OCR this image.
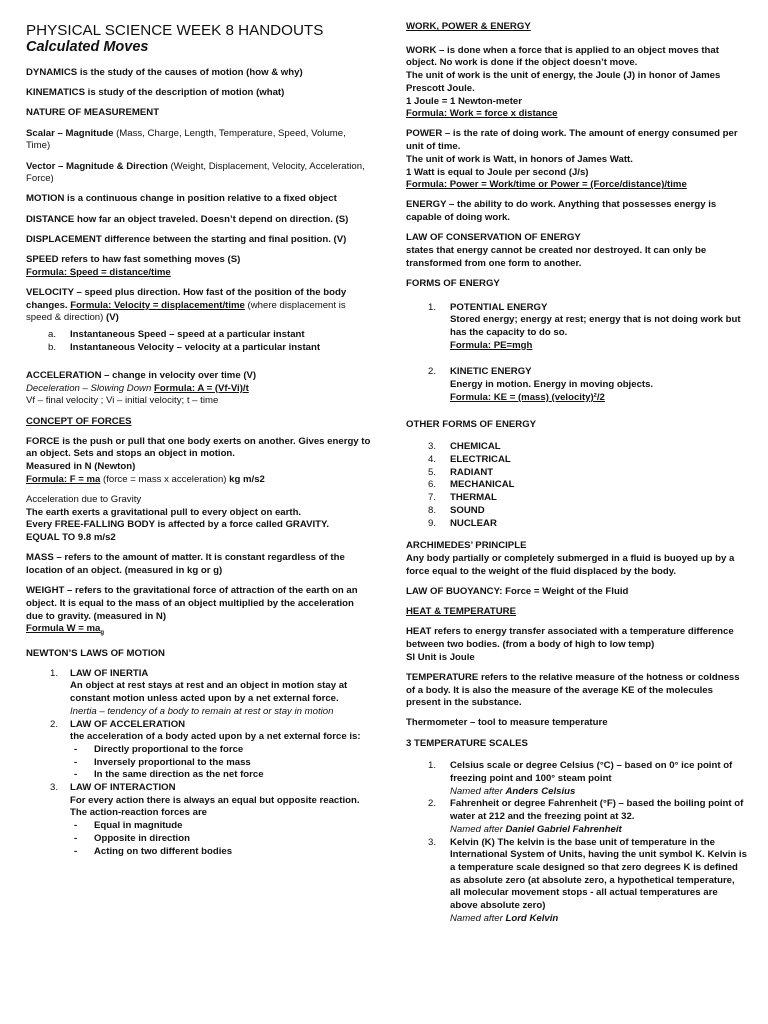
PHYSICAL SCIENCE WEEK 8 HANDOUTS

Calculated Moves

DYNAMICS is the study of the causes of motion (how & why)

KINEMATICS is study of the description of motion (what)

NATURE OF MEASUREMENT

Scalar – Magnitude (Mass, Charge, Length, Temperature, Speed, Volume, Time)

Vector – Magnitude & Direction (Weight, Displacement, Velocity, Acceleration, Force)

MOTION is a continuous change in position relative to a fixed object

DISTANCE how far an object traveled. Doesn’t depend on direction. (S)

DISPLACEMENT difference between the starting and final position. (V)

SPEED refers to haw fast something moves (S)

Formula: Speed = distance/time

VELOCITY – speed plus direction. How fast of the position of the body changes. Formula: Velocity = displacement/time (where displacement is speed & direction) (V)

a. Instantaneous Speed – speed at a particular instant
b. Instantaneous Velocity – velocity at a particular instant

ACCELERATION – change in velocity over time (V)

Deceleration – Slowing Down Formula: A = (Vf-Vi)/t

Vf – final velocity ; Vi – initial velocity; t – time

CONCEPT OF FORCES

FORCE is the push or pull that one body exerts on another. Gives energy to an object. Sets and stops an object in motion.

Measured in N (Newton)

Formula: F = ma (force = mass x acceleration) kg m/s2

Acceleration due to Gravity

The earth exerts a gravitational pull to every object on earth.

Every FREE-FALLING BODY is affected by a force called GRAVITY.

EQUAL TO 9.8 m/s2

MASS – refers to the amount of matter. It is constant regardless of the location of an object. (measured in kg or g)

WEIGHT – refers to the gravitational force of attraction of the earth on an object. It is equal to the mass of an object multiplied by the acceleration due to gravity. (measured in N)

Formula $W = ma_g$

NEWTON’S LAWS OF MOTION

1. LAW OF INERTIA

An object at rest stays at rest and an object in motion stay at constant motion unless acted upon by a net external force.

Inertia – tendency of a body to remain at rest or stay in motion

2. LAW OF ACCELERATION

the acceleration of a body acted upon by a net external force is:

- Directly proportional to the force
- Inversely proportional to the mass
- In the same direction as the net force
3. LAW OF INTERACTION

For every action there is always an equal but opposite reaction. The action-reaction forces are

- Equal in magnitude
- Opposite in direction
- Acting on two different bodies

WORK, POWER & ENERGY

WORK – is done when a force that is applied to an object moves that object. No work is done if the object doesn’t move.

The unit of work is the unit of energy, the Joule (J) in honor of James Prescott Joule.

1 Joule = 1 Newton-meter

Formula: Work = force x distance

POWER – is the rate of doing work. The amount of energy consumed per unit of time.

The unit of work is Watt, in honors of James Watt.

1 Watt is equal to Joule per second (J/s)

Formula: Power = Work/time or Power = (Force/distance)/time

ENERGY – the ability to do work. Anything that possesses energy is capable of doing work.

LAW OF CONSERVATION OF ENERGY

states that energy cannot be created nor destroyed. It can only be transformed from one form to another.

FORMS OF ENERGY

1. POTENTIAL ENERGY

Stored energy; energy at rest; energy that is not doing work but has the capacity to do so.

Formula: PE=mgh

2. KINETIC ENERGY

Energy in motion. Energy in moving objects.

Formula: KE = (mass) (velocity)²/2

OTHER FORMS OF ENERGY

3. CHEMICAL
4. ELECTRICAL
5. RADIANT
6. MECHANICAL
7. THERMAL
8. SOUND
9. NUCLEAR

ARCHIMEDES’ PRINCIPLE

Any body partially or completely submerged in a fluid is buoyed up by a force equal to the weight of the fluid displaced by the body.

LAW OF BUOYANCY: Force = Weight of the Fluid

HEAT & TEMPERATURE

HEAT refers to energy transfer associated with a temperature difference between two bodies. (from a body of high to low temp)

SI Unit is Joule

TEMPERATURE refers to the relative measure of the hotness or coldness of a body. It is also the measure of the average KE of the molecules present in the substance.

Thermometer – tool to measure temperature

3 TEMPERATURE SCALES

1. Celsius scale or degree Celsius (°C) – based on 0° ice point of freezing point and 100° steam point

Named after Anders Celsius

2. Fahrenheit or degree Fahrenheit (°F) – based the boiling point of water at 212 and the freezing point at 32.

Named after Daniel Gabriel Fahrenheit

3. Kelvin (K) The kelvin is the base unit of temperature in the International System of Units, having the unit symbol K. Kelvin is a temperature scale designed so that zero degrees K is defined as absolute zero (at absolute zero, a hypothetical temperature, all molecular movement stops - all actual temperatures are above absolute zero)

Named after Lord Kelvin
